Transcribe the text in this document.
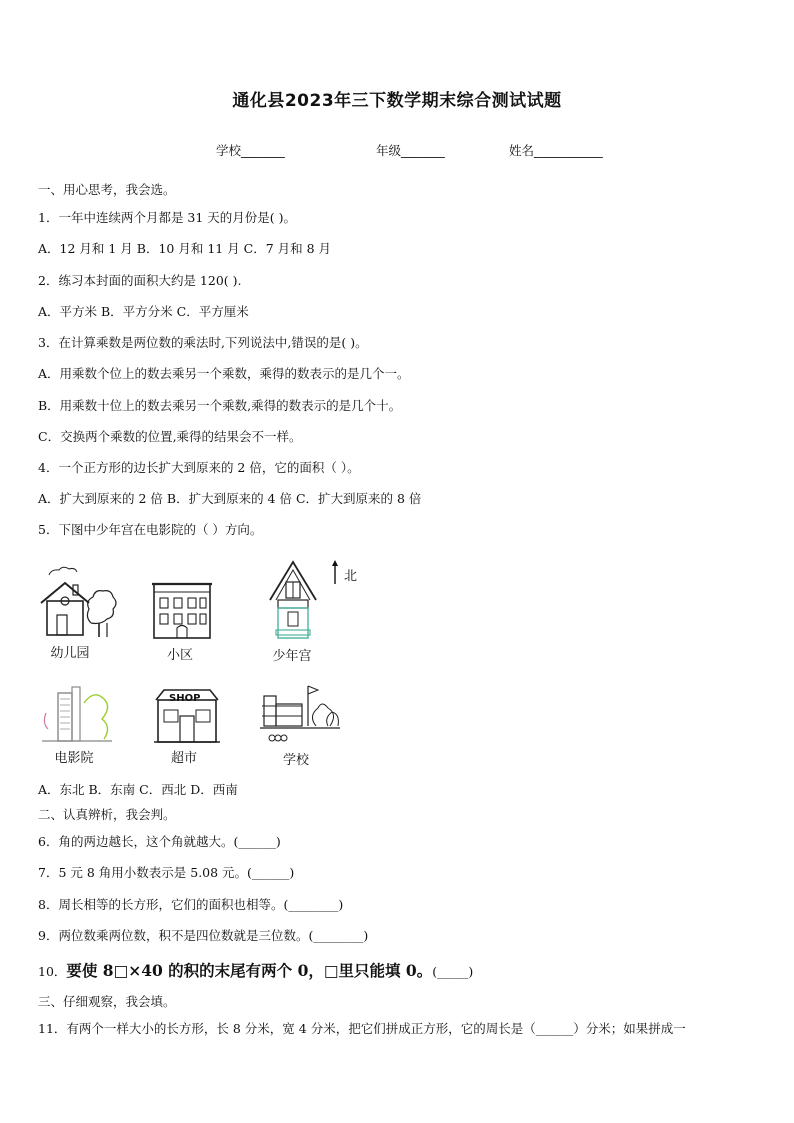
通化县2023年三下数学期末综合测试试题
学校_______	年级_______	姓名___________
一、用心思考，我会选。
1．一年中连续两个月都是 31 天的月份是( )。
A．12 月和 1 月 B．10 月和 11 月 C．7 月和 8 月
2．练习本封面的面积大约是 120( ).
A．平方米 B．平方分米 C．平方厘米
3．在计算乘数是两位数的乘法时,下列说法中,错误的是( )。
A．用乘数个位上的数去乘另一个乘数，乘得的数表示的是几个一。
B．用乘数十位上的数去乘另一个乘数,乘得的数表示的是几个十。
C．交换两个乘数的位置,乘得的结果会不一样。
4．一个正方形的边长扩大到原来的 2 倍，它的面积（ ）。
A．扩大到原来的 2 倍 B．扩大到原来的 4 倍 C．扩大到原来的 8 倍
5．下图中少年宫在电影院的（ ）方向。
北
幼儿园	小区	少年宫
电影院
SHOP
超市	学校
A．东北 B．东南 C．西北 D．西南
二、认真辨析，我会判。
6．角的两边越长，这个角就越大。(______)
7．5 元 8 角用小数表示是 5.08 元。(______)
8．周长相等的长方形，它们的面积也相等。(________)
9．两位数乘两位数，积不是四位数就是三位数。(________)
10．要使 8□×40 的积的末尾有两个 0，□里只能填 0。(_____)
三、仔细观察，我会填。
11．有两个一样大小的长方形，长 8 分米，宽 4 分米，把它们拼成正方形，它的周长是（______）分米；如果拼成一
